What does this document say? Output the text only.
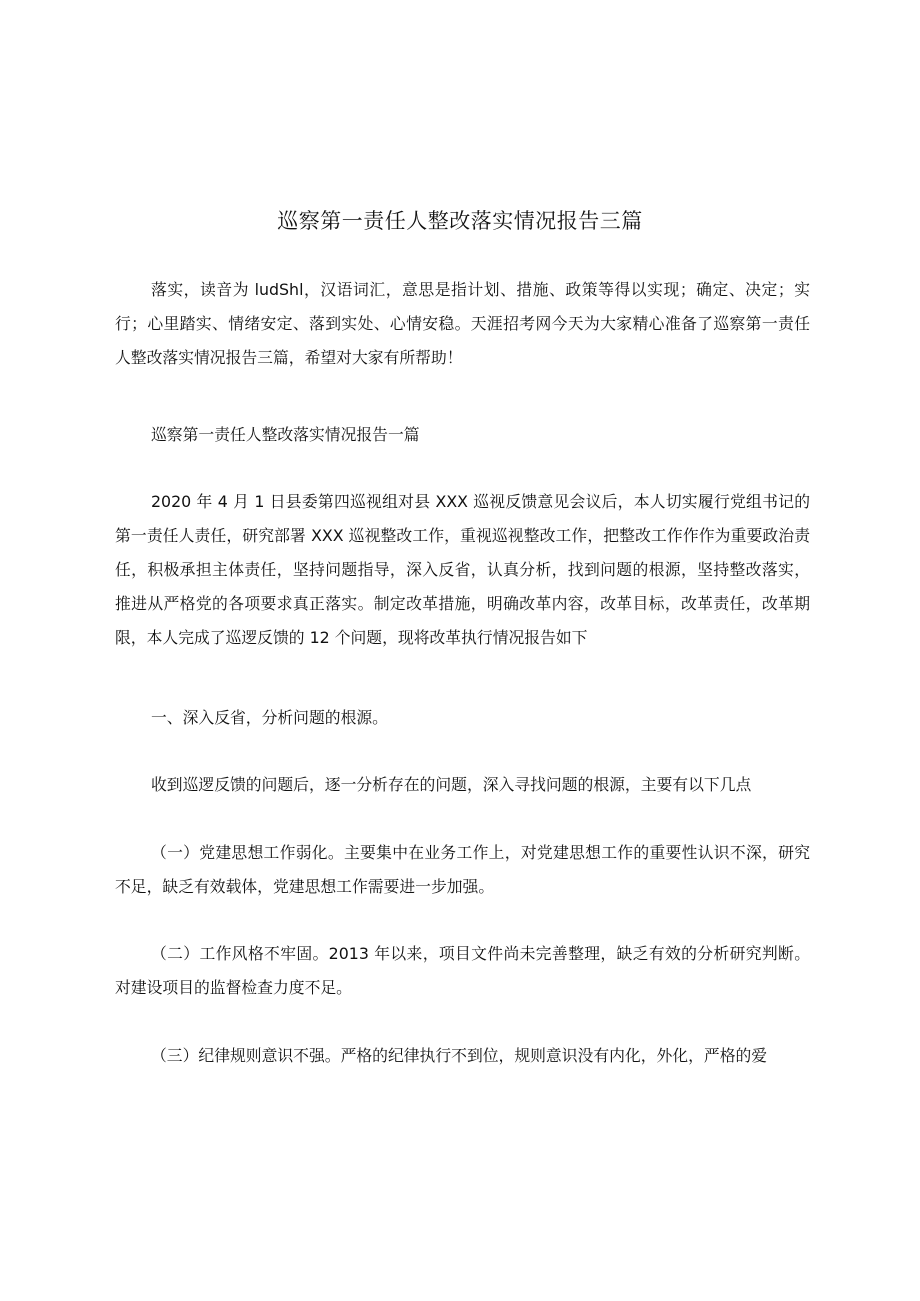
巡察第一责任人整改落实情况报告三篇
落实，读音为 ludShl，汉语词汇，意思是指计划、措施、政策等得以实现；确定、决定；实行；心里踏实、情绪安定、落到实处、心情安稳。天涯招考网今天为大家精心准备了巡察第一责任人整改落实情况报告三篇，希望对大家有所帮助！
巡察第一责任人整改落实情况报告一篇
2020 年 4 月 1 日县委第四巡视组对县 XXX 巡视反馈意见会议后，本人切实履行党组书记的第一责任人责任，研究部署 XXX 巡视整改工作，重视巡视整改工作，把整改工作作作为重要政治责任，积极承担主体责任，坚持问题指导，深入反省，认真分析，找到问题的根源，坚持整改落实，推进从严格党的各项要求真正落实。制定改革措施，明确改革内容，改革目标，改革责任，改革期限，本人完成了巡逻反馈的 12 个问题，现将改革执行情况报告如下
一、深入反省，分析问题的根源。
收到巡逻反馈的问题后，逐一分析存在的问题，深入寻找问题的根源，主要有以下几点
（一）党建思想工作弱化。主要集中在业务工作上，对党建思想工作的重要性认识不深，研究不足，缺乏有效载体，党建思想工作需要进一步加强。
（二）工作风格不牢固。2013 年以来，项目文件尚未完善整理，缺乏有效的分析研究判断。对建设项目的监督检查力度不足。
（三）纪律规则意识不强。严格的纪律执行不到位，规则意识没有内化，外化，严格的爱
